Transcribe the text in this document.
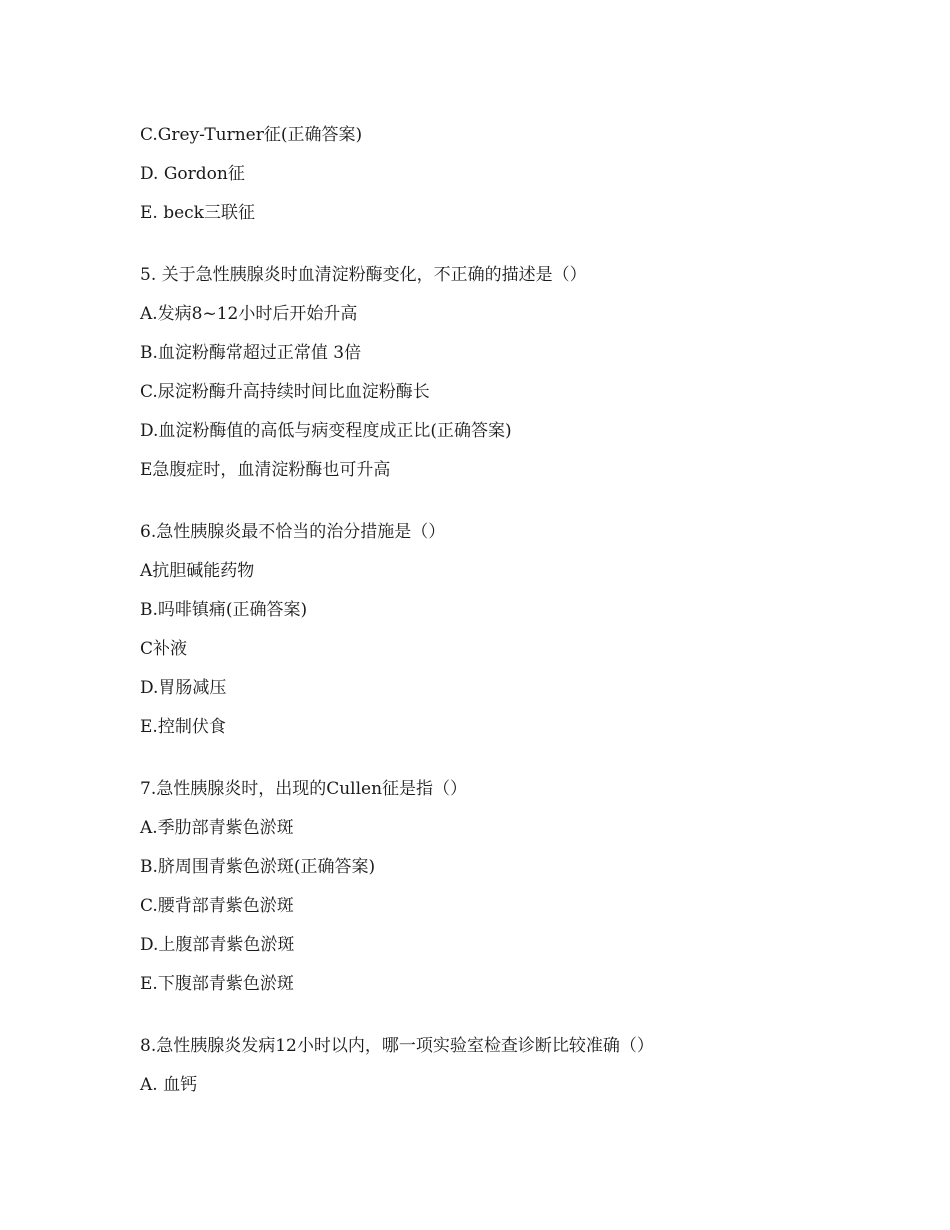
C.Grey-Turner征(正确答案)

D. Gordon征

E. beck三联征

5. 关于急性胰腺炎时血清淀粉酶变化，不正确的描述是（）

A.发病8~12小时后开始升高

B.血淀粉酶常超过正常值 3倍

C.尿淀粉酶升高持续时间比血淀粉酶长

D.血淀粉酶值的高低与病变程度成正比(正确答案)

E急腹症时，血清淀粉酶也可升高

6.急性胰腺炎最不恰当的治分措施是（）

A抗胆碱能药物

B.吗啡镇痛(正确答案)

C补液

D.胃肠减压

E.控制伏食

7.急性胰腺炎时，出现的Cullen征是指（）

A.季肋部青紫色淤斑

B.脐周围青紫色淤斑(正确答案)

C.腰背部青紫色淤斑

D.上腹部青紫色淤斑

E.下腹部青紫色淤斑

8.急性胰腺炎发病12小时以内，哪一项实验室检查诊断比较准确（）

A. 血钙
